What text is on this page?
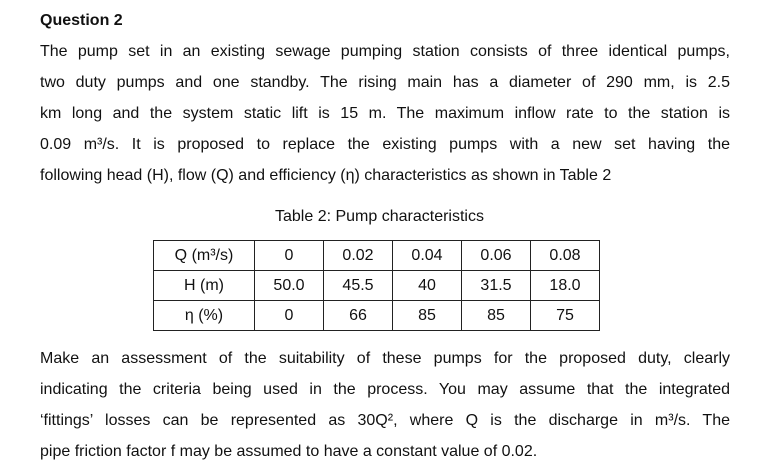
Question 2
The pump set in an existing sewage pumping station consists of three identical pumps,
two duty pumps and one standby. The rising main has a diameter of 290 mm, is 2.5
km long and the system static lift is 15 m. The maximum inflow rate to the station is
0.09 m³/s. It is proposed to replace the existing pumps with a new set having the
following head (H), flow (Q) and efficiency (η) characteristics as shown in Table 2
Table 2: Pump characteristics
Q (m³/s)	0	0.02	0.04	0.06	0.08
H (m)	50.0	45.5	40	31.5	18.0
η (%)	0	66	85	85	75
Make an assessment of the suitability of these pumps for the proposed duty, clearly
indicating the criteria being used in the process. You may assume that the integrated
‘fittings’ losses can be represented as 30Q², where Q is the discharge in m³/s. The
pipe friction factor f may be assumed to have a constant value of 0.02.
